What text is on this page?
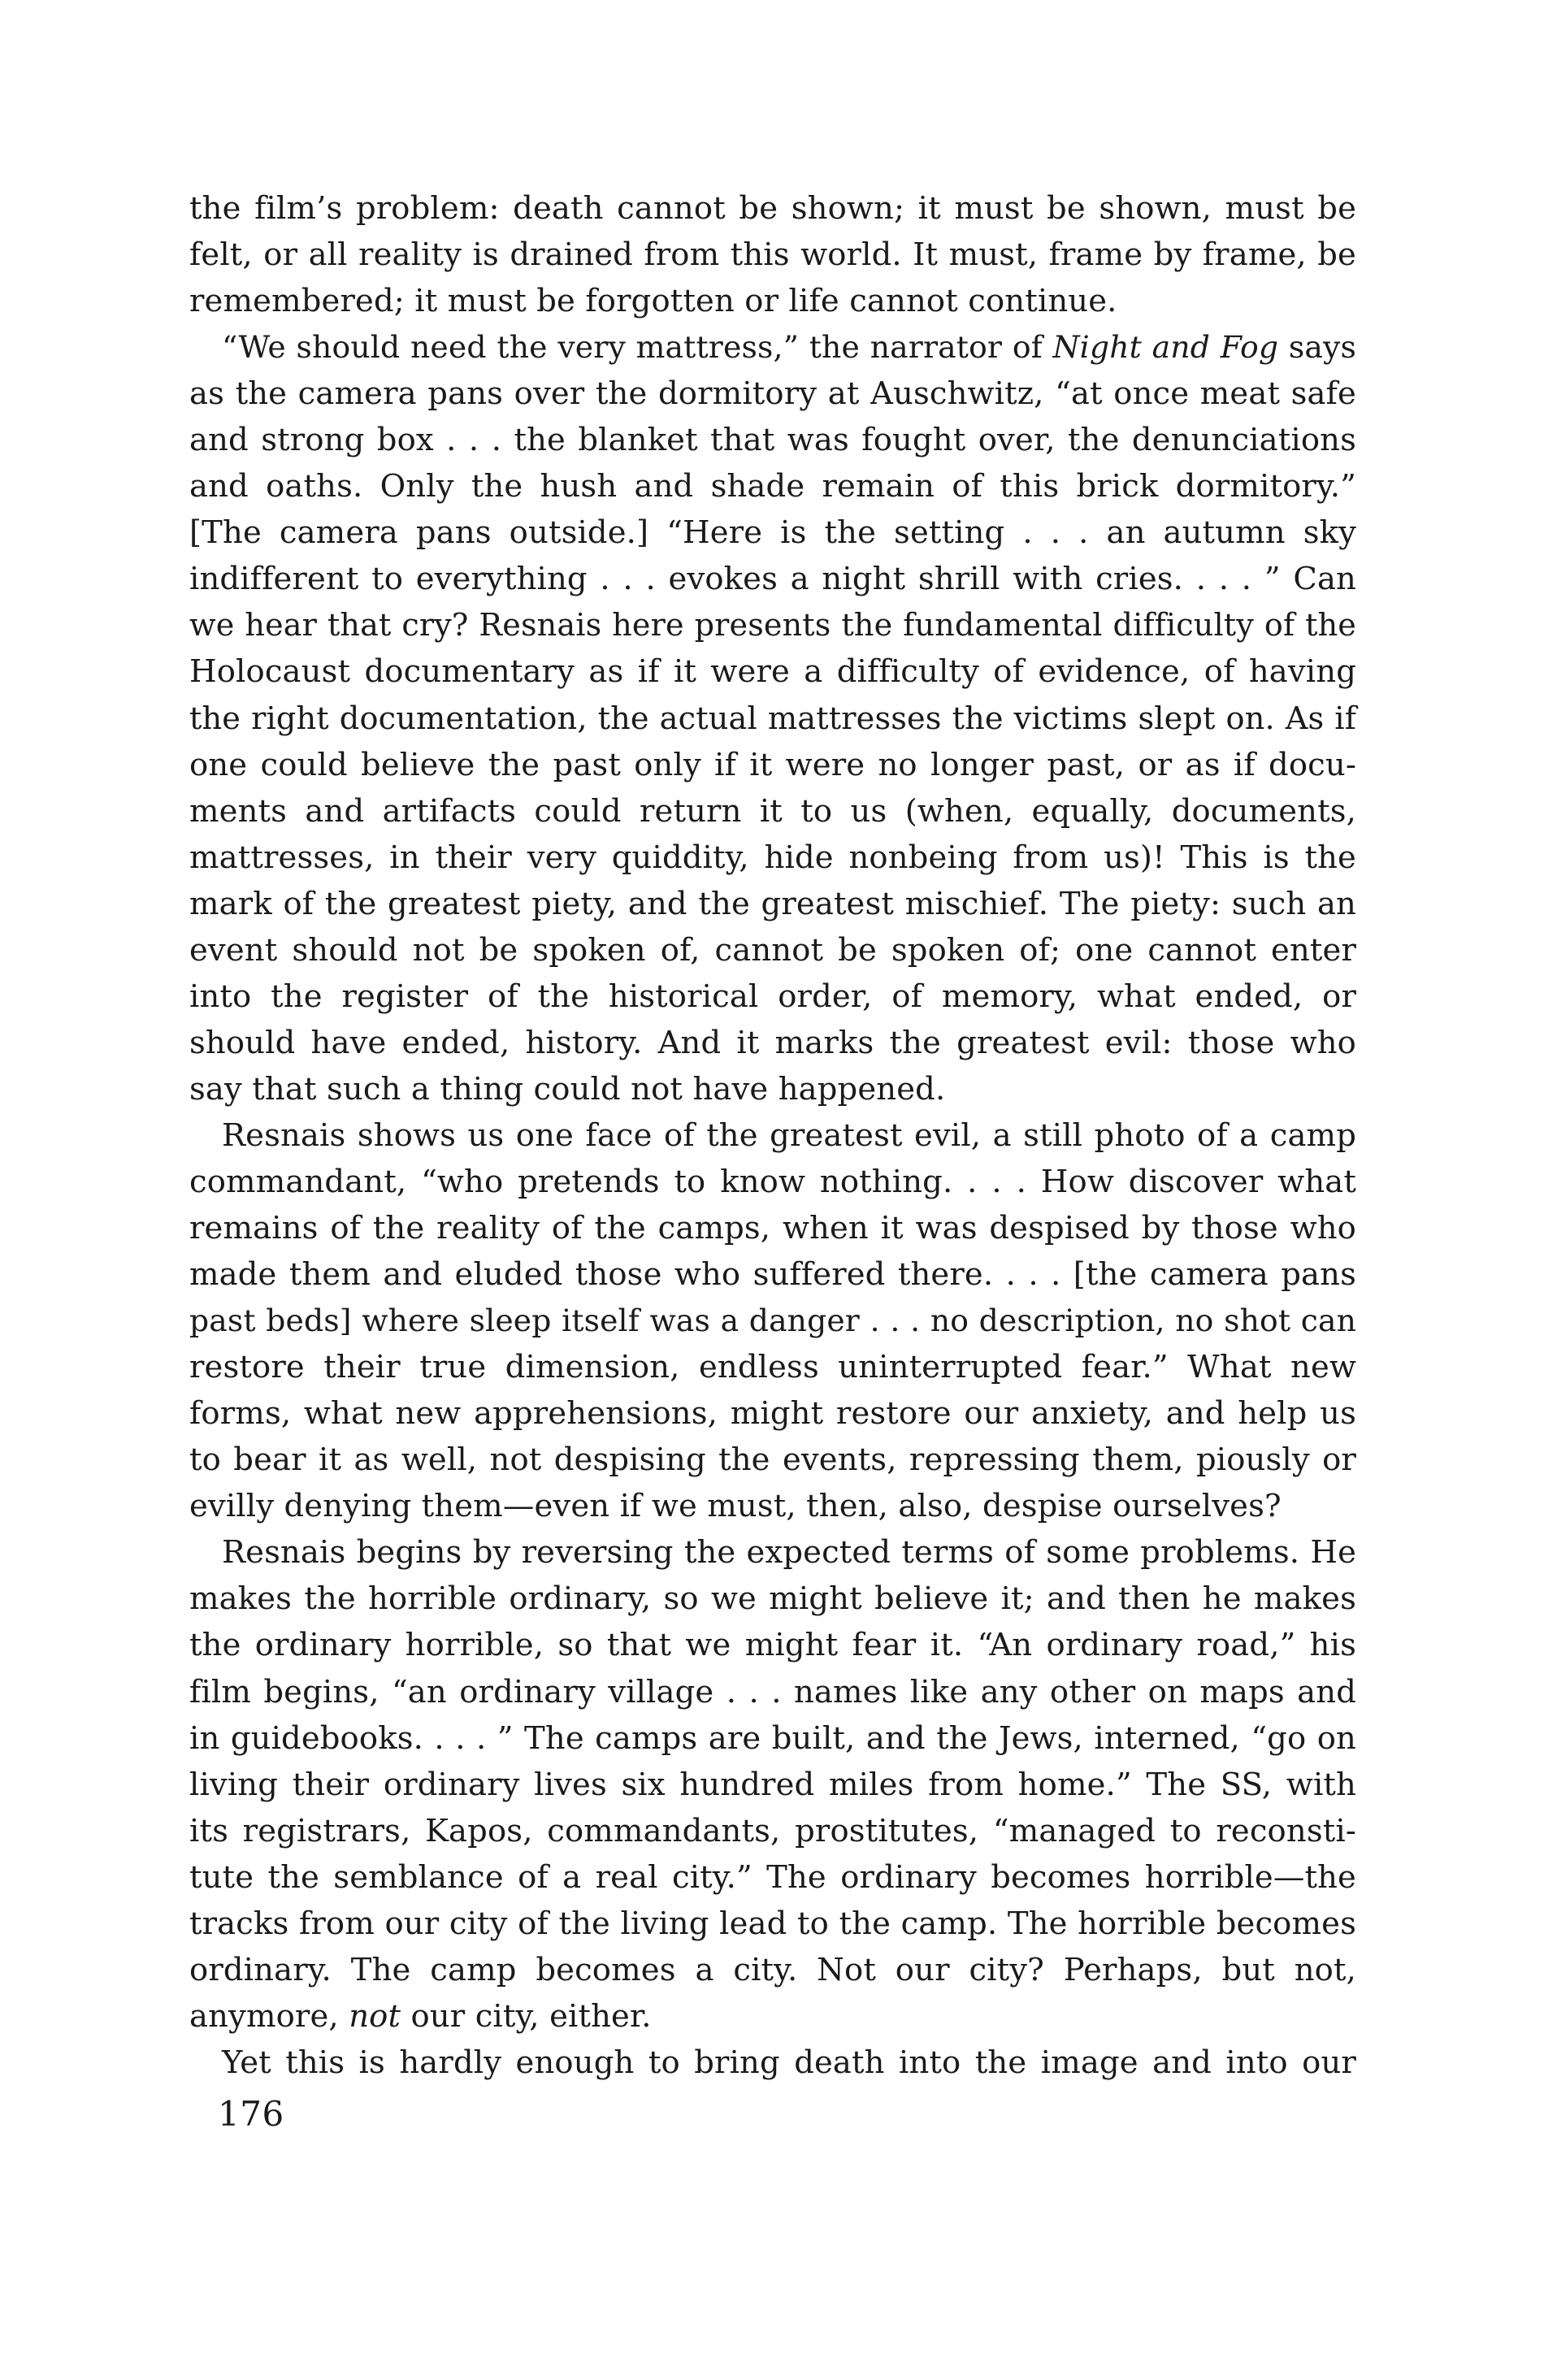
the film’s problem: death cannot be shown; it must be shown, must be
felt, or all reality is drained from this world. It must, frame by frame, be
remembered; it must be forgotten or life cannot continue.
“We should need the very mattress,” the narrator of Night and Fog says
as the camera pans over the dormitory at Auschwitz, “at once meat safe
and strong box . . . the blanket that was fought over, the denunciations
and oaths. Only the hush and shade remain of this brick dormitory.”
[The camera pans outside.] “Here is the setting . . . an autumn sky
indifferent to everything . . . evokes a night shrill with cries. . . . ” Can
we hear that cry? Resnais here presents the fundamental difficulty of the
Holocaust documentary as if it were a difficulty of evidence, of having
the right documentation, the actual mattresses the victims slept on. As if
one could believe the past only if it were no longer past, or as if docu-
ments and artifacts could return it to us (when, equally, documents,
mattresses, in their very quiddity, hide nonbeing from us)! This is the
mark of the greatest piety, and the greatest mischief. The piety: such an
event should not be spoken of, cannot be spoken of; one cannot enter
into the register of the historical order, of memory, what ended, or
should have ended, history. And it marks the greatest evil: those who
say that such a thing could not have happened.
Resnais shows us one face of the greatest evil, a still photo of a camp
commandant, “who pretends to know nothing. . . . How discover what
remains of the reality of the camps, when it was despised by those who
made them and eluded those who suffered there. . . . [the camera pans
past beds] where sleep itself was a danger . . . no description, no shot can
restore their true dimension, endless uninterrupted fear.” What new
forms, what new apprehensions, might restore our anxiety, and help us
to bear it as well, not despising the events, repressing them, piously or
evilly denying them—even if we must, then, also, despise ourselves?
Resnais begins by reversing the expected terms of some problems. He
makes the horrible ordinary, so we might believe it; and then he makes
the ordinary horrible, so that we might fear it. “An ordinary road,” his
film begins, “an ordinary village . . . names like any other on maps and
in guidebooks. . . . ” The camps are built, and the Jews, interned, “go on
living their ordinary lives six hundred miles from home.” The SS, with
its registrars, Kapos, commandants, prostitutes, “managed to reconsti-
tute the semblance of a real city.” The ordinary becomes horrible—the
tracks from our city of the living lead to the camp. The horrible becomes
ordinary. The camp becomes a city. Not our city? Perhaps, but not,
anymore, not our city, either.
Yet this is hardly enough to bring death into the image and into our
176
